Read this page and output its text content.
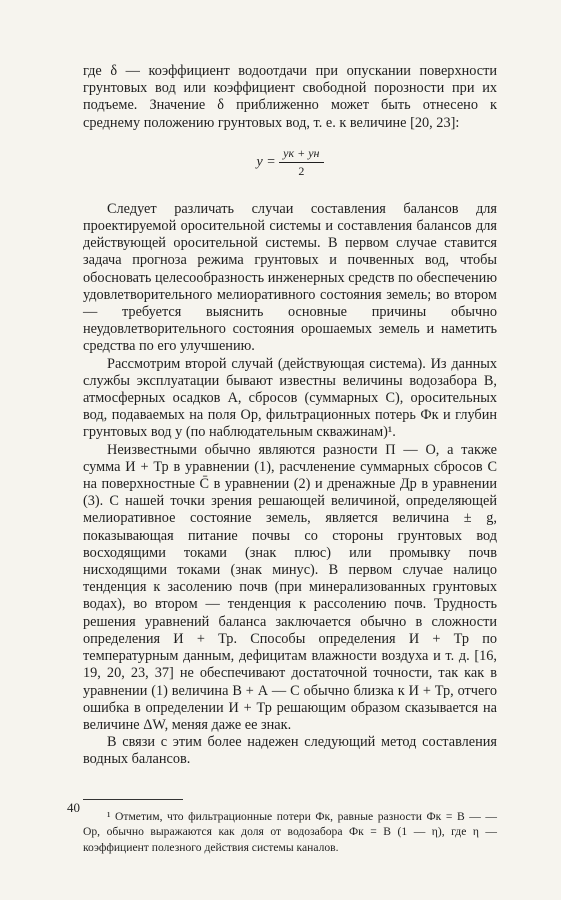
где δ — коэффициент водоотдачи при опускании поверхности грунтовых вод или коэффициент свободной порозности при их подъеме. Значение δ приближенно может быть отнесено к среднему положению грунтовых вод, т. е. к величине [20, 23]:

$y = \frac{yк + yн}{2}$

Следует различать случаи составления балансов для проектируемой оросительной системы и составления балансов для действующей оросительной системы. В первом случае ставится задача прогноза режима грунтовых и почвенных вод, чтобы обосновать целесообразность инженерных средств по обеспечению удовлетворительного мелиоративного состояния земель; во втором — требуется выяснить основные причины обычно неудовлетворительного состояния орошаемых земель и наметить средства по его улучшению.

Рассмотрим второй случай (действующая система). Из данных службы эксплуатации бывают известны величины водозабора В, атмосферных осадков А, сбросов (суммарных С), оросительных вод, подаваемых на поля Ор, фильтрационных потерь Фк и глубин грунтовых вод у (по наблюдательным скважинам)¹.

Неизвестными обычно являются разности П — О, а также сумма И + Тр в уравнении (1), расчленение суммарных сбросов С на поверхностные C̄ в уравнении (2) и дренажные Др в уравнении (3). С нашей точки зрения решающей величиной, определяющей мелиоративное состояние земель, является величина ± g, показывающая питание почвы со стороны грунтовых вод восходящими токами (знак плюс) или промывку почв нисходящими токами (знак минус). В первом случае налицо тенденция к засолению почв (при минерализованных грунтовых водах), во втором — тенденция к рассолению почв. Трудность решения уравнений баланса заключается обычно в сложности определения И + Тр. Способы определения И + Тр по температурным данным, дефицитам влажности воздуха и т. д. [16, 19, 20, 23, 37] не обеспечивают достаточной точности, так как в уравнении (1) величина В + А — С обычно близка к И + Тр, отчего ошибка в определении И + Тр решающим образом сказывается на величине ΔW, меняя даже ее знак.

В связи с этим более надежен следующий метод составления водных балансов.

¹ Отметим, что фильтрационные потери Фк, равные разности Фк = В — — Ор, обычно выражаются как доля от водозабора Фк = В (1 — η), где η — коэффициент полезного действия системы каналов.

40
